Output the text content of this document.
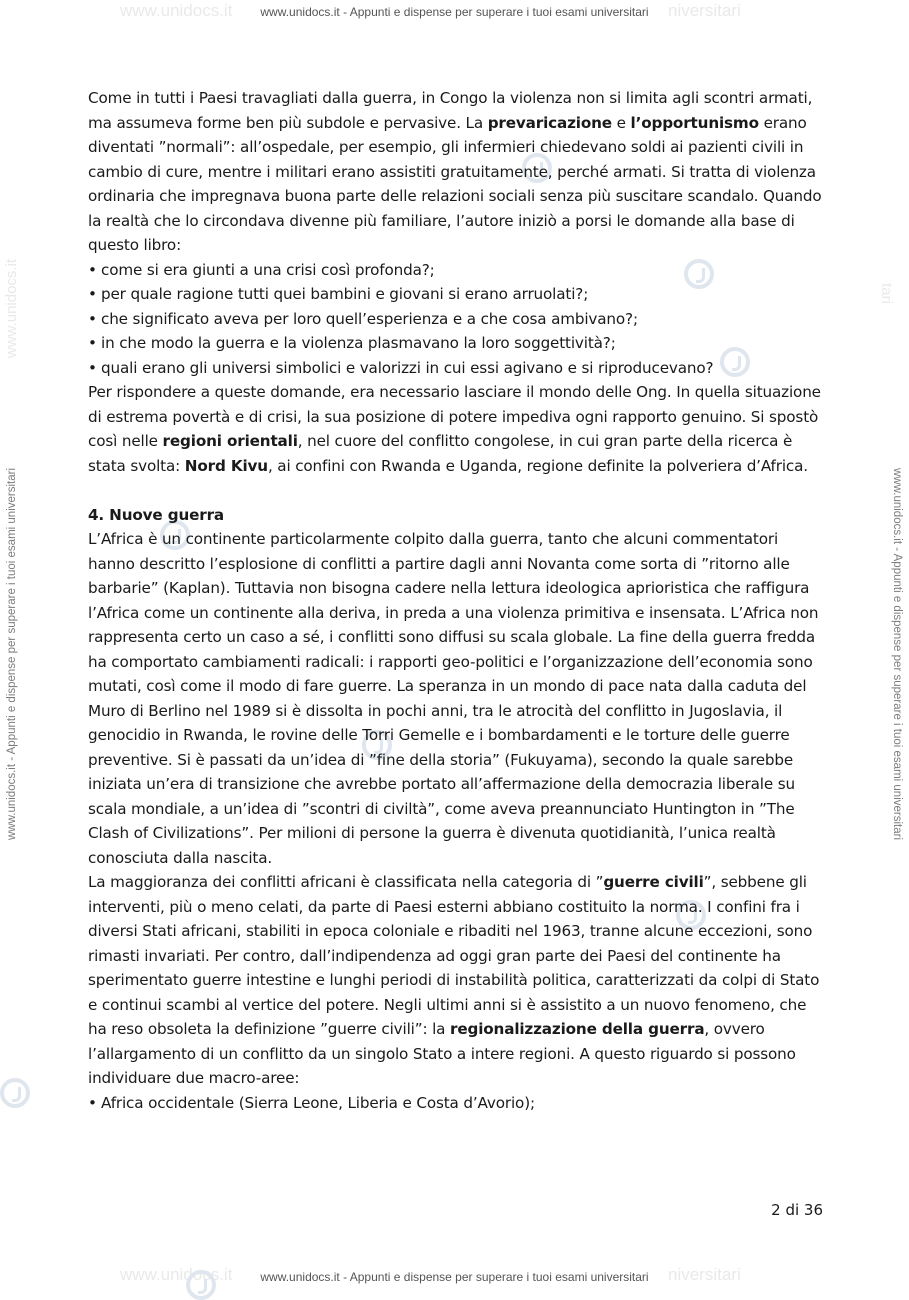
www.unidocs.it	niversitari
www.unidocs.it - Appunti e dispense per superare i tuoi esami universitari
www.unidocs.it	niversitari
www.unidocs.it - Appunti e dispense per superare i tuoi esami universitari
www.unidocs.it - Appunti e dispense per superare i tuoi esami universitari	www.unidocs.it - Appunti e dispense per superare i tuoi esami universitari
www.unidocs.it	tari

Come in tutti i Paesi travagliati dalla guerra, in Congo la violenza non si limita agli scontri armati, ma assumeva forme ben più subdole e pervasive. La prevaricazione e l’opportunismo erano diventati ”normali”: all’ospedale, per esempio, gli infermieri chiedevano soldi ai pazienti civili in cambio di cure, mentre i militari erano assistiti gratuitamente, perché armati. Si tratta di violenza ordinaria che impregnava buona parte delle relazioni sociali senza più suscitare scandalo. Quando la realtà che lo circondava divenne più familiare, l’autore iniziò a porsi le domande alla base di questo libro:

• come si era giunti a una crisi così profonda?;
• per quale ragione tutti quei bambini e giovani si erano arruolati?;
• che significato aveva per loro quell’esperienza e a che cosa ambivano?;
• in che modo la guerra e la violenza plasmavano la loro soggettività?;
• quali erano gli universi simbolici e valorizzi in cui essi agivano e si riproducevano?

Per rispondere a queste domande, era necessario lasciare il mondo delle Ong. In quella situazione di estrema povertà e di crisi, la sua posizione di potere impediva ogni rapporto genuino. Si spostò così nelle regioni orientali, nel cuore del conflitto congolese, in cui gran parte della ricerca è stata svolta: Nord Kivu, ai confini con Rwanda e Uganda, regione definite la polveriera d’Africa.

4. Nuove guerra

L’Africa è un continente particolarmente colpito dalla guerra, tanto che alcuni commentatori hanno descritto l’esplosione di conflitti a partire dagli anni Novanta come sorta di ”ritorno alle barbarie” (Kaplan). Tuttavia non bisogna cadere nella lettura ideologica aprioristica che raffigura l’Africa come un continente alla deriva, in preda a una violenza primitiva e insensata. L’Africa non rappresenta certo un caso a sé, i conflitti sono diffusi su scala globale. La fine della guerra fredda ha comportato cambiamenti radicali: i rapporti geo-politici e l’organizzazione dell’economia sono mutati, così come il modo di fare guerre. La speranza in un mondo di pace nata dalla caduta del Muro di Berlino nel 1989 si è dissolta in pochi anni, tra le atrocità del conflitto in Jugoslavia, il genocidio in Rwanda, le rovine delle Torri Gemelle e i bombardamenti e le torture delle guerre preventive. Si è passati da un’idea di ”fine della storia” (Fukuyama), secondo la quale sarebbe iniziata un’era di transizione che avrebbe portato all’affermazione della democrazia liberale su scala mondiale, a un’idea di ”scontri di civiltà”, come aveva preannunciato Huntington in ”The Clash of Civilizations”. Per milioni di persone la guerra è divenuta quotidianità, l’unica realtà conosciuta dalla nascita.

La maggioranza dei conflitti africani è classificata nella categoria di ”guerre civili”, sebbene gli interventi, più o meno celati, da parte di Paesi esterni abbiano costituito la norma. I confini fra i diversi Stati africani, stabiliti in epoca coloniale e ribaditi nel 1963, tranne alcune eccezioni, sono rimasti invariati. Per contro, dall’indipendenza ad oggi gran parte dei Paesi del continente ha sperimentato guerre intestine e lunghi periodi di instabilità politica, caratterizzati da colpi di Stato e continui scambi al vertice del potere. Negli ultimi anni si è assistito a un nuovo fenomeno, che ha reso obsoleta la definizione ”guerre civili”: la regionalizzazione della guerra, ovvero l’allargamento di un conflitto da un singolo Stato a intere regioni. A questo riguardo si possono individuare due macro-aree:

• Africa occidentale (Sierra Leone, Liberia e Costa d’Avorio);
2 di 36
